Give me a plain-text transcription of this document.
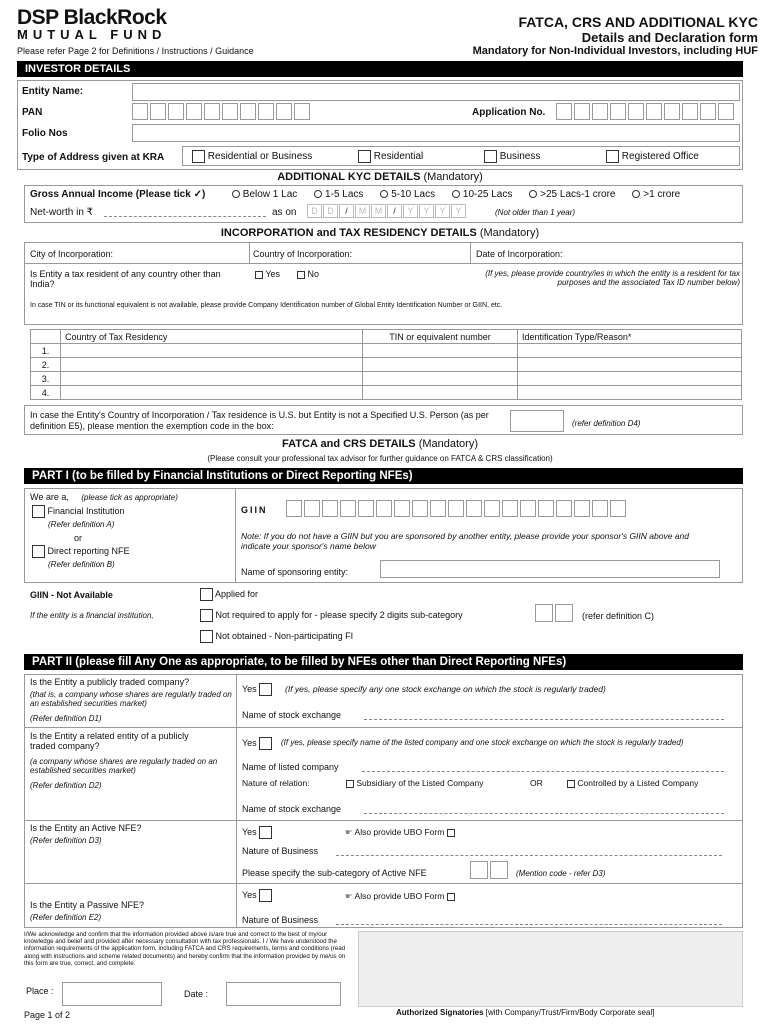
DSP BlackRock
MUTUAL FUND
Please refer Page 2 for Definitions / Instructions / Guidance
FATCA, CRS AND ADDITIONAL KYC
Details and Declaration form
Mandatory for Non-Individual Investors, including HUF
INVESTOR DETAILS
Entity Name:
PAN	Application No.
Folio Nos
Type of Address given at KRA	Residential or Business	Residential	Business	Registered Office
ADDITIONAL KYC DETAILS (Mandatory)
Gross Annual Income (Please tick ✓)	Below 1 Lac	1-5 Lacs	5-10 Lacs	10-25 Lacs	>25 Lacs-1 crore	>1 crore
Net-worth in ₹	as on	D D / M M / Y Y Y Y	(Not older than 1 year)
INCORPORATION and TAX RESIDENCY DETAILS (Mandatory)
City of Incorporation:	Country of Incorporation:	Date of Incorporation:
Is Entity a tax resident of any country other than India?
Yes	No	(If yes, please provide country/ies in which the entity is a resident for tax purposes and the associated Tax ID number below)
In case TIN or its functional equivalent is not available, please provide Company Identification number of Global Entity Identification Number or GIIN, etc.
	Country of Tax Residency	TIN or equivalent number	Identification Type/Reason*
1.			
2.			
3.			
4.			
In case the Entity's Country of Incorporation / Tax residence is U.S. but Entity is not a Specified U.S. Person (as per definition E5), please mention the exemption code in the box:	(refer definition D4)
FATCA and CRS DETAILS (Mandatory)
(Please consult your professional tax advisor for further guidance on FATCA & CRS classification)
PART I (to be filled by Financial Institutions or Direct Reporting NFEs)
We are a, (please tick as appropriate)
Financial Institution
(Refer definition A)
or
Direct reporting NFE
(Refer definition B)
GIIN
Note: If you do not have a GIIN but you are sponsored by another entity, please provide your sponsor's GIIN above and indicate your sponsor's name below
Name of sponsoring entity:
GIIN - Not Available	Applied for
If the entity is a financial institution,	Not required to apply for - please specify 2 digits sub-category	(refer definition C)
Not obtained - Non-participating FI
PART II (please fill Any One as appropriate, to be filled by NFEs other than Direct Reporting NFEs)
Is the Entity a publicly traded company?
(that is, a company whose shares are regularly traded on an established securities market)
(Refer definition D1)
Yes	(If yes, please specify any one stock exchange on which the stock is regularly traded)
Name of stock exchange
Is the Entity a related entity of a publicly traded company?
(a company whose shares are regularly traded on an established securities market)
(Refer definition D2)
Yes	(If yes, please specify name of the listed company and one stock exchange on which the stock is regularly traded)
Name of listed company
Nature of relation:	Subsidiary of the Listed Company	OR	Controlled by a Listed Company
Name of stock exchange
Is the Entity an Active NFE?
(Refer definition D3)
Yes	☛ Also provide UBO Form
Nature of Business
Please specify the sub-category of Active NFE	(Mention code - refer D3)
Is the Entity a Passive NFE?
(Refer definition E2)
Yes	☛ Also provide UBO Form
Nature of Business
I/We acknowledge and confirm that the information provided above is/are true and correct to the best of my/our knowledge and belief and provided after necessary consultation with tax professionals. I / We have understood the information requirements of the application form, including FATCA and CRS requirements, terms and conditions (read along with instructions and scheme related documents) and hereby confirm that the information provided by me/us on this form are true, correct, and complete.
Place :	Date :
Authorized Signatories [with Company/Trust/Firm/Body Corporate seal]
Page 1 of 2
